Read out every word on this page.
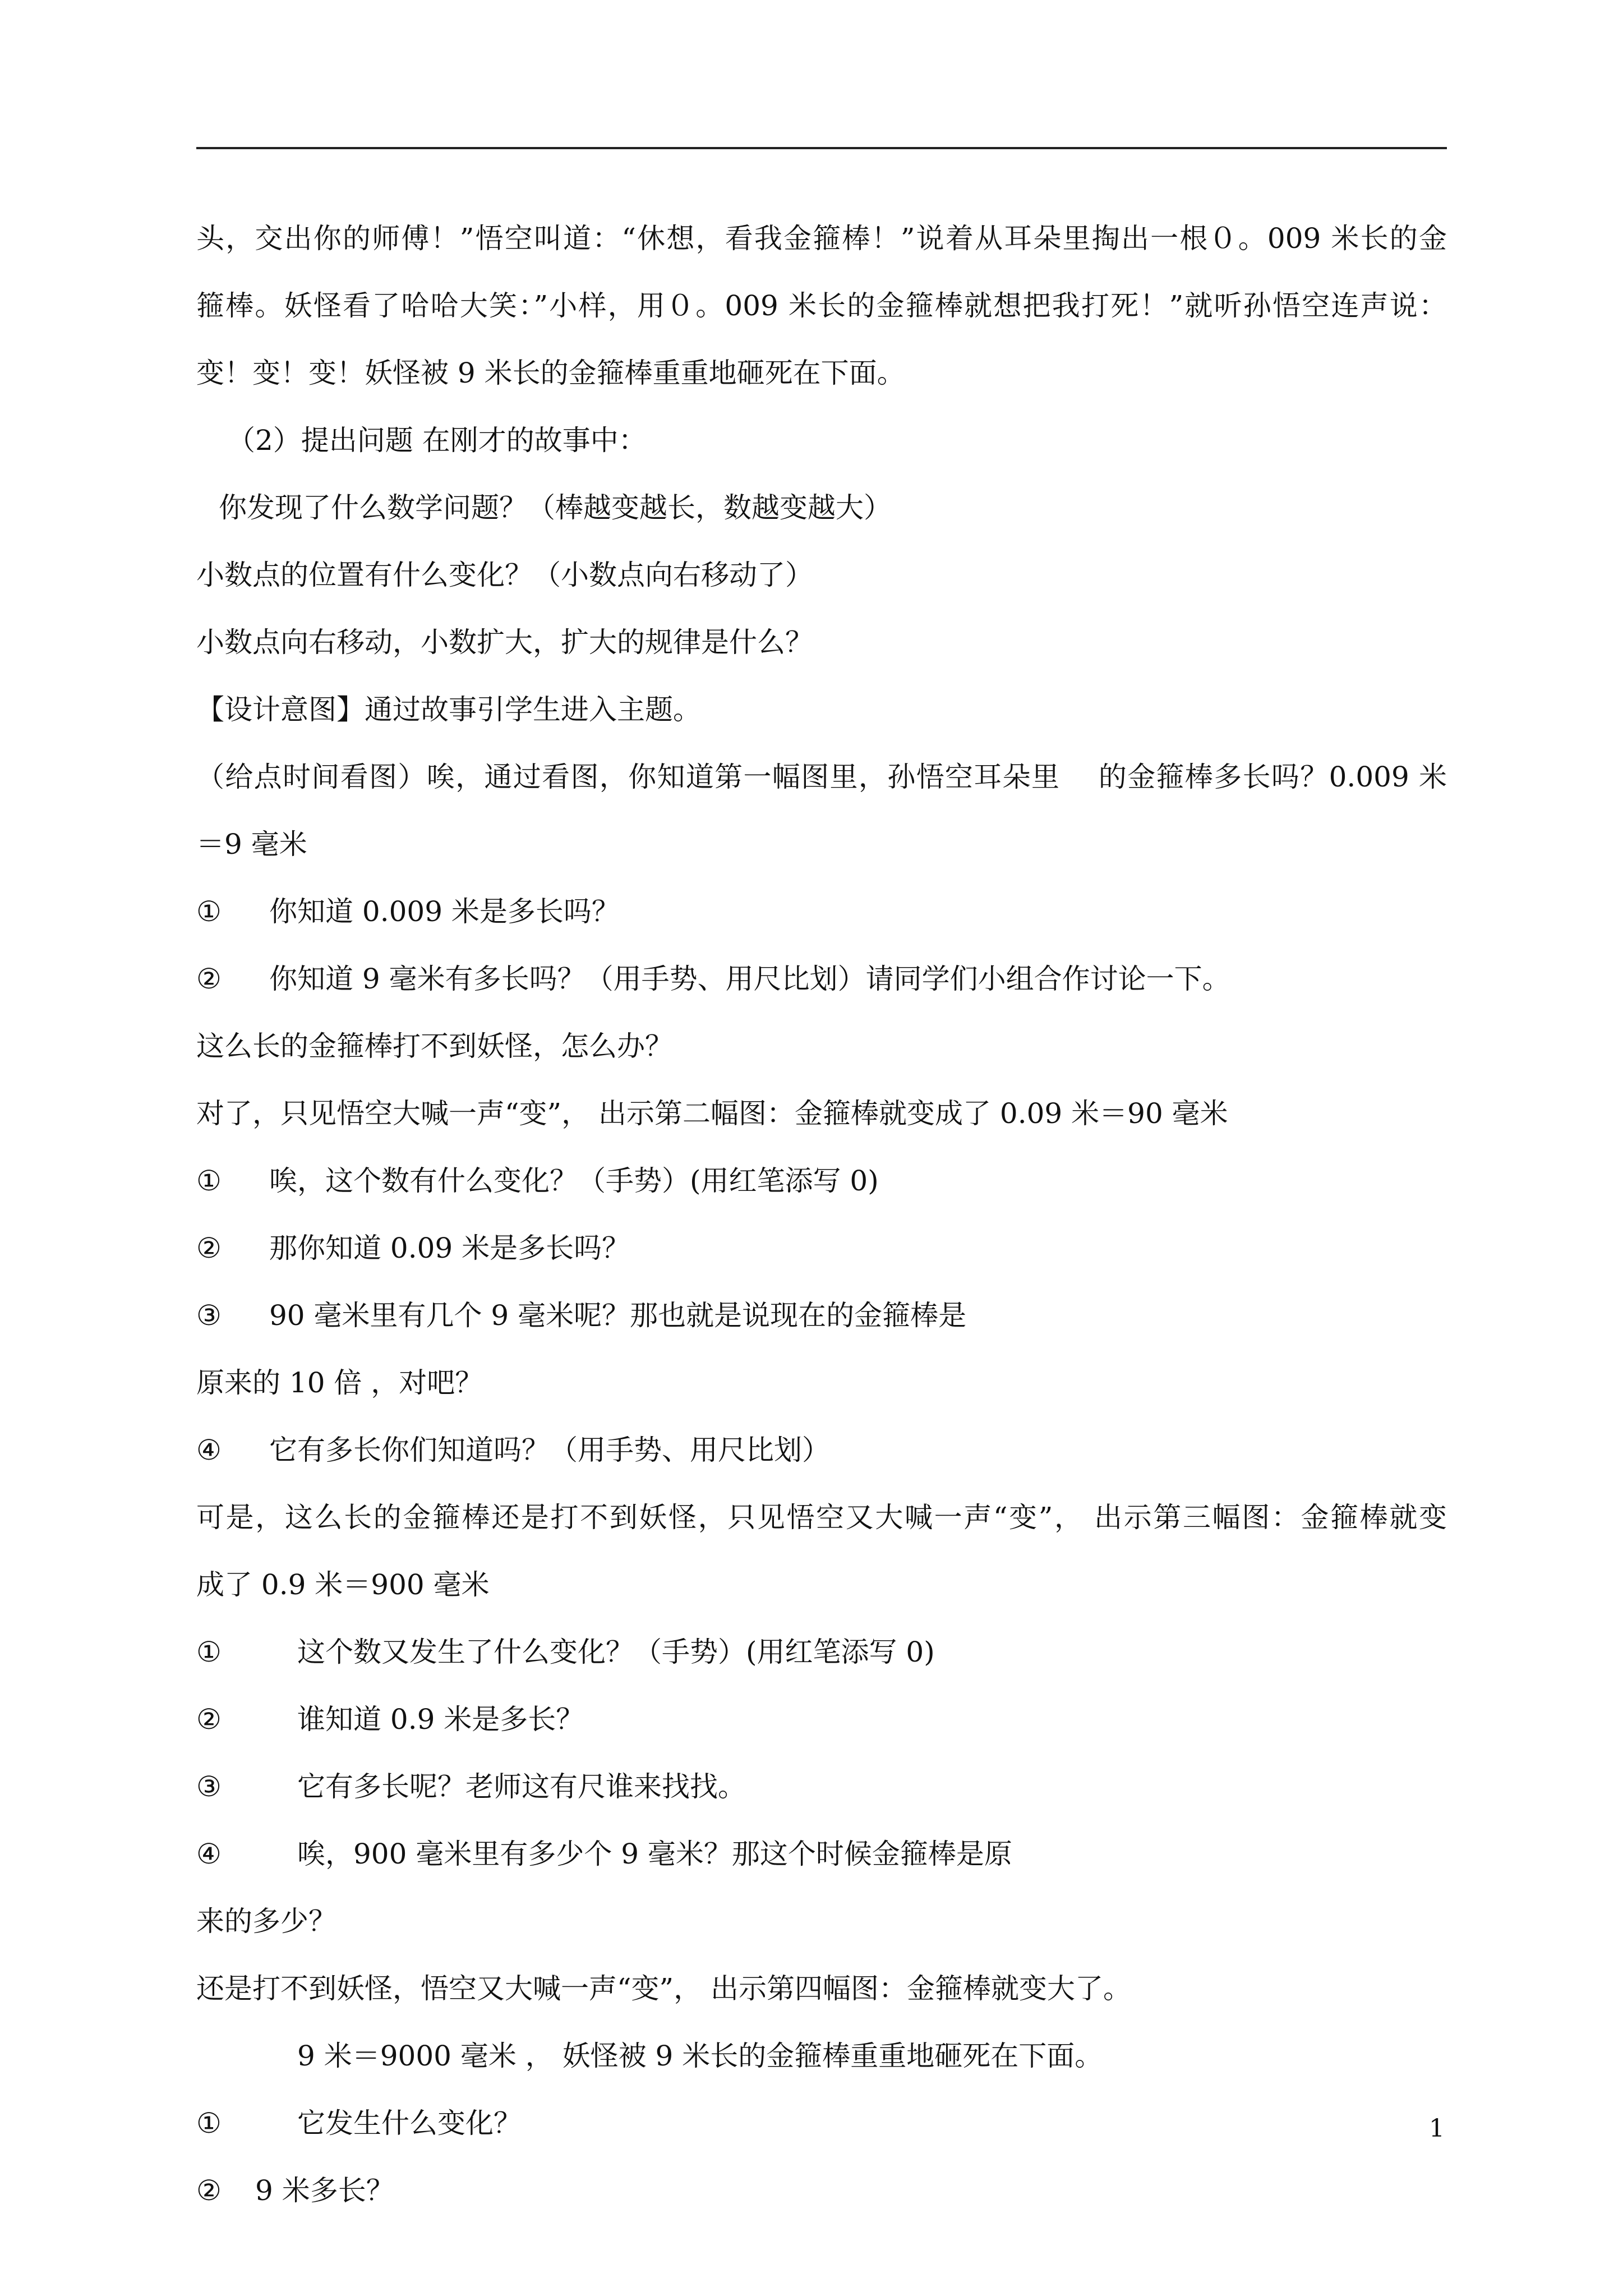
头，交出你的师傅！”悟空叫道：“休想，看我金箍棒！”说着从耳朵里掏出一根０。009 米长的金
箍棒。妖怪看了哈哈大笑：”小样，用０。009 米长的金箍棒就想把我打死！”就听孙悟空连声说：
变！变！变！妖怪被 9 米长的金箍棒重重地砸死在下面。
（2）提出问题 在刚才的故事中：
你发现了什么数学问题？（棒越变越长，数越变越大）
小数点的位置有什么变化？（小数点向右移动了）
小数点向右移动，小数扩大，扩大的规律是什么？
【设计意图】通过故事引学生进入主题。
（给点时间看图）唉，通过看图，你知道第一幅图里，孙悟空耳朵里 　的金箍棒多长吗？0.009 米
＝9 毫米
①	你知道 0.009 米是多长吗？
②	你知道 9 毫米有多长吗？（用手势、用尺比划）请同学们小组合作讨论一下。
这么长的金箍棒打不到妖怪，怎么办？
对了，只见悟空大喊一声“变”， 出示第二幅图：金箍棒就变成了 0.09 米＝90 毫米
①	唉，这个数有什么变化？（手势）(用红笔添写 0)
②	那你知道 0.09 米是多长吗？
③	90 毫米里有几个 9 毫米呢？那也就是说现在的金箍棒是
原来的 10 倍 ，对吧？
④	它有多长你们知道吗？（用手势、用尺比划）
可是，这么长的金箍棒还是打不到妖怪，只见悟空又大喊一声“变”， 出示第三幅图：金箍棒就变
成了 0.9 米＝900 毫米
①	这个数又发生了什么变化？（手势）(用红笔添写 0)
②	谁知道 0.9 米是多长？
③	它有多长呢？老师这有尺谁来找找。
④	唉，900 毫米里有多少个 9 毫米？那这个时候金箍棒是原
来的多少？
还是打不到妖怪，悟空又大喊一声“变”， 出示第四幅图：金箍棒就变大了。
9 米＝9000 毫米 ， 妖怪被 9 米长的金箍棒重重地砸死在下面。
①	它发生什么变化？
②	9 米多长？
1
